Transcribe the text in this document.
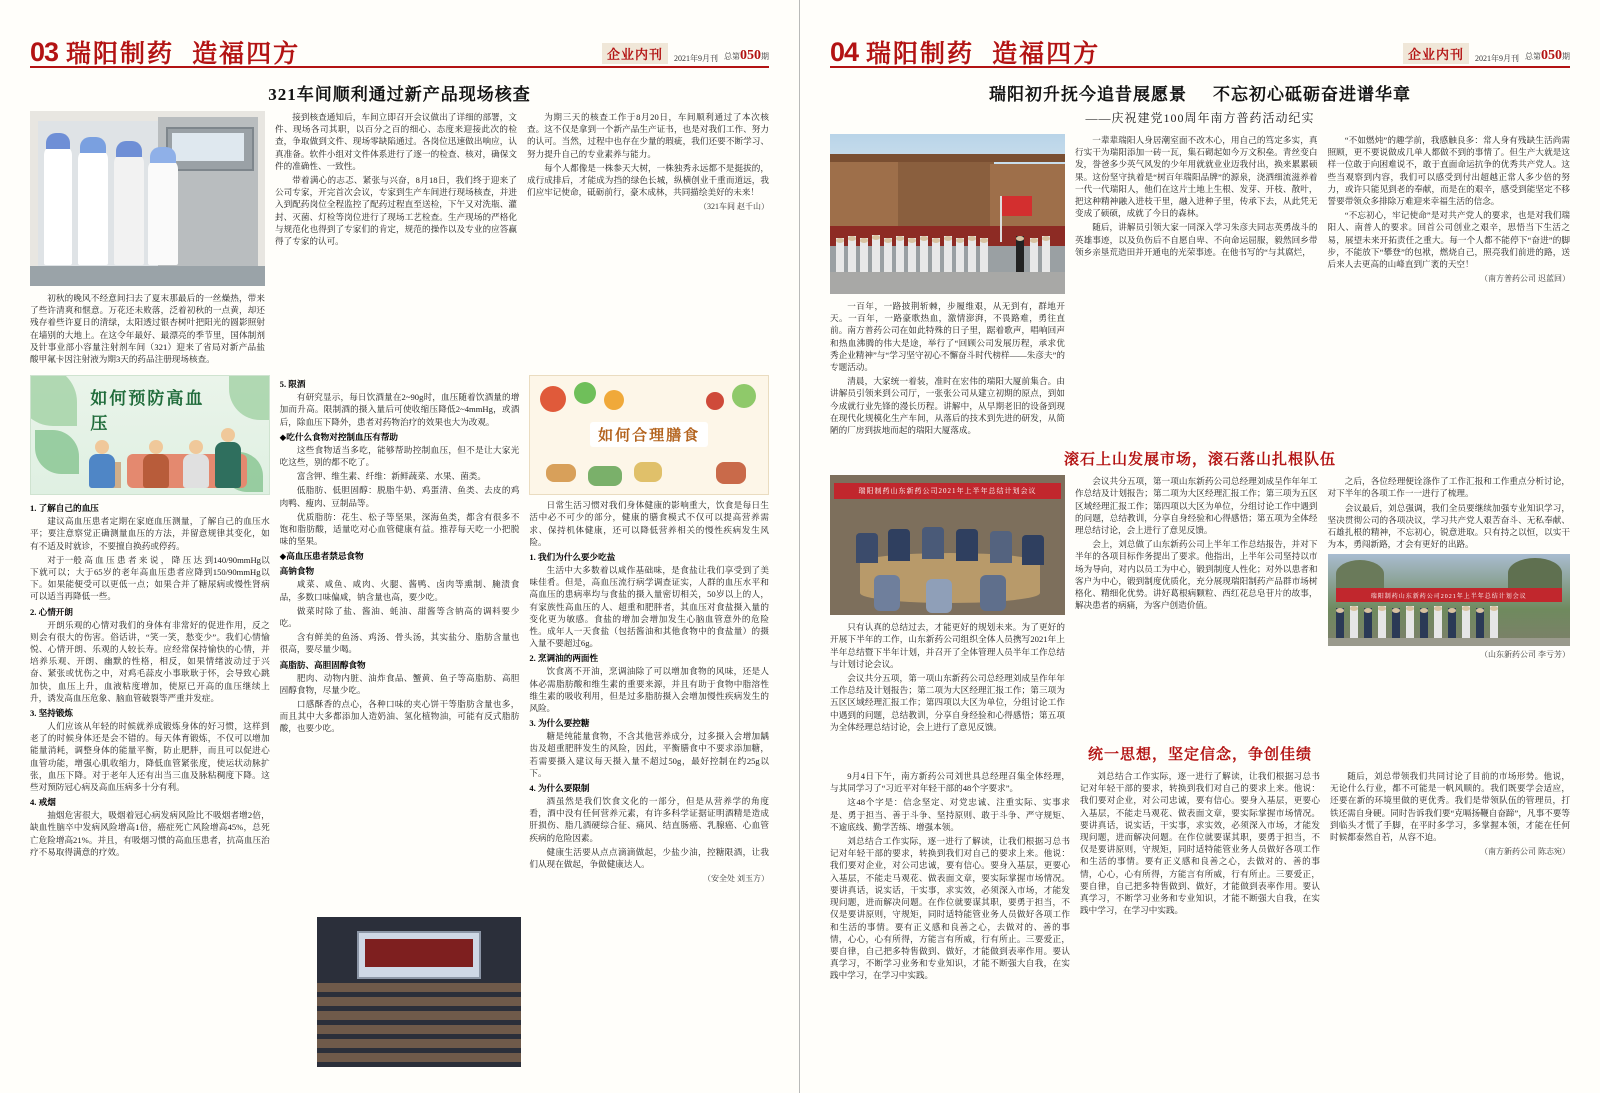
03 瑞阳制药 造福四方	企业内刊	2021年9月刊 总第050期
321车间顺利通过新产品现场核查

初秋的晚风不经意间扫去了夏末那最后的一丝燥热，带来了些许清爽和惬意。万花还未败落，泛着初秋的一点黄，却还残存着些许夏日的清绿，太阳透过银杏树叶把阳光的圆影照射在墙别的大地上。在这令年最好、最漂亮的季节里，国体制剂及针事业部小容量注射剂车间（321）迎来了省局对新产品盐酸甲氟卡因注射液为期3天的药品注册现场核查。

接到核查通知后，车间立即召开会议做出了详细的部署，文件、现场各司其职，以百分之百的细心、态度来迎接此次的检查，争取做到文件、现场零缺陷通过。各岗位迅速做出响应，认真准备。软件小组对文件体系进行了逐一的检查、核对，确保文件的准确性、一致性。

带着满心的志忑、紧张与兴奋，8月18日，我们终于迎来了公司专家，开完首次会议，专家到生产车间进行现场核查，并进入到配药岗位全程监控了配药过程直至送检，下午又对洗瓶、灌封、灭菌、灯检等岗位进行了现场工艺检查。生产现场的严格化与规范化也得到了专家们的肯定，规范的操作以及专业的应答赢得了专家的认可。

为期三天的核查工作于8月20日，车间顺利通过了本次核查。这不仅是拿到一个新产品生产证书，也是对我们工作、努力的认可。当然，过程中也存在少量的瑕疵，我们还要不断学习、努力提升自己的专业素养与能力。

每个人都像是一株参天大树，一株独秀永远都不是挺拔的，成行成排后，才能成为挡的绿色长城，纵横创业千重而道远，我们应牢记使命，砥砺前行，豪木成林，共同描绘美好的未来！

（321车间 赵千山）

如何预防高血压
1. 了解自己的血压

建议高血压患者定期在家庭血压测量，了解自己的血压水平；要注意察觉正确测量血压的方法，并留意规律其变化，如有不适及时就诊，不要擅自换药或停药。

对于一般 高 血 压 患 者 来 说 ， 降 压 达 到140/90mmHg以下就可以；大于65岁的老年高血压患者应降到150/90mmHg以下。如果能便受可以更低一点；如果合并了糖尿病或慢性肾病可以适当再降低一些。

2. 心情开朗

开朗乐观的心情对我们的身体有非常好的促进作用，反之则会有很大的伤害。俗话讲，“笑一笑，愁变少”。我们心情愉悦、心情开朗、乐观的人较长寿。应经常保持愉快的心情，并培养乐观、开朗、幽默的性格，相反，如果情绪波动过于兴奋、紧张或忧伤之中，对鸡毛蒜皮小事耿耿于怀，会导致心跳加快，血压上升，血液粘度增加，使原已开高的血压继续上升，诱发高血压危象、脑血管破裂等严重并发症。

3. 坚持锻炼

人们应该从年轻的时候就养成锻炼身体的好习惯，这样到老了的时候身体还是会不错的。每天体育锻炼，不仅可以增加能量消耗，调整身体的能量平衡，防止肥胖，而且可以促进心血管功能，增强心肌收缩力，降低血管紧张度，使运状动脉扩张，血压下降。对于老年人还有出当三血及脉粘稠度下降。这些对预防冠心病及高血压病多十分有利。

4. 戒烟

抽烟危害很大，吸烟着冠心病发病风险比不吸烟者增2倍，缺血性脑卒中发病风险增高1倍，癌症死亡风险增高45%，总死亡危险增高21%。并且，有吸烟习惯的高血压患者，抗高血压治疗不易取得满意的疗效。

5. 限酒

有研究显示，每日饮酒量在2~90g时，血压随着饮酒量的增加而升高。限制酒的摄入量后可使收缩压降低2~4mmHg，或酒后，除血压下降外，患者对药物治疗的效果也大为改观。

◆吃什么食物对控制血压有帮助

这些食物适当多吃，能够帮助控制血压，但不是让大家光吃这些，别的都不吃了。

富含钾、维生素、纤维：新鲜蔬菜、水果、菌类。

低脂肪、低胆固醇：脱脂牛奶、鸡蛋清、鱼类、去皮的鸡肉鸭、瘦肉、豆制品等。

优质脂肪：花生、松子等坚果，深海鱼类，都含有很多不饱和脂肪酸，适量吃对心血管健康有益。推荐每天吃一小把脱味的坚果。

◆高血压患者禁忌食物
高钠食物

咸菜、咸鱼、咸肉、火腿、酱鸭、卤肉等熏制、腌渍食品，多数口味偏咸，钠含量也高，要少吃。

做菜时除了盐、酱油、蚝油、甜酱等含钠高的调料要少吃。

含有鲜美的鱼汤、鸡汤、骨头汤，其实盐分、脂肪含量也很高，要尽量少喝。

高脂肪、高胆固醇食物

肥肉、动物内脏、油炸食品、蟹黄、鱼子等高脂肪、高胆固醇食物，尽量少吃。

口感酥香的点心，各种口味的夹心饼干等脂肪含量也多，而且其中大多都添加人造奶油、氢化植物油，可能有反式脂肪酸，也要少吃。

如何合理膳食

日常生活习惯对我们身体健康的影响重大，饮食是每日生活中必不可少的部分，健康的膳食模式不仅可以提高营养需求、保持机体健康，还可以降低营养相关的慢性疾病发生风险。

1. 我们为什么要少吃盐

生活中大多数着以咸作基础味，是食盐让我们享受到了美味佳肴。但是，高血压流行病学调查证实，人群的血压水平和高血压的患病率均与食盐的摄入量密切相关，50岁以上的人，有家族性高血压的人、超重和肥胖者，其血压对食盐摄入量的变化更为敏感。食盐的增加会增加发生心脑血管意外的危险性。成年人一天食盐（包括酱油和其他食物中的食盐量）的摄入量不要超过6g。

2. 烹调油的两面性

饮食离不开油，烹调油除了可以增加食物的风味，还是人体必需脂肪酸和维生素的重要来源，并且有助于食物中脂溶性维生素的吸收利用，但是过多脂肪摄入会增加慢性疾病发生的风险。

3. 为什么要控糖

糖是纯能量食物，不含其他营养成分，过多摄入会增加龋齿及超重肥胖发生的风险，因此，平衡膳食中不要求添加糖，若需要摄入建议每天摄入量不超过50g，最好控制在约25g以下。

4. 为什么要限制

酒虽然是我们饮食文化的一部分，但是从营养学的角度看，酒中没有任何营养元素，有许多科学证据证明酒精是造成肝损伤、脂几酒硬综合征、痛风、结直肠癌、乳腺癌、心血管疾病的危险因素。

健康生活要从点点滴滴做起，少盐少油，控糖限酒，让我们从现在做起，争做健康达人。

（安全处 刘玉方）

04 瑞阳制药 造福四方	企业内刊	2021年9月刊 总第050期
瑞阳初升抚今追昔展愿景 不忘初心砥砺奋进谱华章
——庆祝建党100周年南方普药活动纪实

一百年，一路披荆斩棘，步履维艰，从无到有，群地开天。一百年，一路豪歌热血，激情澎湃，不畏路难，勇往直前。南方普药公司在如此特殊的日子里，踞着歌声，唱响回声和热血沸腾的伟大是途，举行了“回顾公司发展历程，承求优秀企业精神”与“学习坚守初心不懈奋斗时代榜样——朱彦夫”的专题活动。

清晨，大家统一着装，准时在宏伟的瑞阳大厦前集合。由讲解员引领来到公司厅，一张张公司从建立初期的原点，到如今成就行业先锋的漫长历程。讲解中，从早期老旧的设备到现在现代化规模化生产车间，从落后的技术到先进的研发，从简陋的厂房到拔地而起的瑞阳大厦落成。

一辈辈瑞阳人身居潮室面不改木心，用自己的笃定多实，真行实干为瑞阳添加一砖一瓦，集石砌起如今万文积垒。青丝变白发，誉爸多少英气风发的少年用就就业业迈我付出，换来累累硕果。这份坚守执着是“树百年瑞阳品牌”的源泉，浇洒细流滋养着一代一代瑞阳人，他们在这片土地上生根、发芽、开枝、散叶，把这种精神融入进枝干里，融入进种子里，传承下去，从此凭无变成了硕硕，成就了今日的森林。

随后，讲解员引领大家一同深入学习朱彦夫同志英勇战斗的英雄事迹，以及负伤后不自愿自卑、不向命运屈服，毅然回乡带领乡亲垦荒造田并开通电的光荣事迹。在他书写的“与其腐烂，

“不如燃炖”的趣学前，我感触良多：常人身有残缺生活尚需照顾，更不要说做成几单人都做不到的事情了。但生产大就是这样一位敢于向困难说不，敢于直面命运抗争的优秀共产党人。这些当观察到内容，我们可以感受到付出超越正常人多少倍的努力，或许只能见到老的奉献，而是在的艰辛，感受到能坚定不移誓要带领众多排除万难迎来幸福生活的信念。

“不忘初心，牢记使命”是对共产党人的要求，也是对我们瑞阳人、南普人的要求。回首公司创业之艰辛，思悟当下生活之易，展望未来开拓责任之重大。每一个人都不能停下“奋进”的脚步，不能放下“攀登”的包袱，燃烧自己，照亮我们前进的路，送后来人去更高的山峰直到广袤的天空！

（南方普药公司 迟蓝回）

滚石上山发展市场，滚石落山扎根队伍
瑞阳制药山东新药公司2021年上半年总结计划会议

只有认真的总结过去，才能更好的规划未来。为了更好的开展下半年的工作，山东新药公司组织全体人员携写2021年上半年总结暨下半年计划，并召开了全体管理人员半年工作总结与计划讨论会议。

会议共分五项，第一项山东新药公司总经理刘成呈作年年工作总结及计划报告；第二项为大区经理汇报工作；第三项为五区区域经理汇报工作；第四项以大区为单位，分组讨论工作中遇到的问题，总结教训，分享自身经验和心得感悟；第五项为全体经理总结讨论，会上进行了意见反馈。

会议共分五项，第一项山东新药公司总经理刘成呈作年年工作总结及计划报告；第二项为大区经理汇报工作；第三项为五区区域经理汇报工作；第四项以大区为单位，分组讨论工作中遇到的问题，总结教训，分享自身经验和心得感悟；第五项为全体经理总结讨论，会上进行了意见反馈。

会上，刘总做了山东新药公司上半年工作总结报告，并对下半年的各项目标作务提出了要求。他指出，上半年公司坚持以市场为导向，对内以员工为中心，锻到制度人性化；对外以患者和客户为中心，锻到制度优质化，充分展现瑞阳制药产品群市场树格化、精细化优势。讲好葛根病颗粒、西红花总皂苷片的故事，解决患者的病痛，为客户创造价值。

之后，各位经理便诠涤作了工作汇报和工作重点分析讨论，对下半年的各项工作一一进行了梳理。

会议最后，刘总强调，我们全员要继续加强专业知识学习，坚决贯彻公司的各项决议，学习共产党人艰苦奋斗、无私奉献、石雄扎根的精神，不忘初心，锐意进取。只有持之以恒，以实干为本，勇闯新路，才会有更好的出路。

瑞阳制药山东新药公司2021年上半年总结计划会议

（山东新药公司 李亏芳）

统一思想，坚定信念，争创佳绩

9月4日下午，南方新药公司刘世具总经理召集全体经理，与其同学习了“习近平对年轻干部的48个字要求”。

这48个字是：信念坚定、对党忠诚、注重实际、实事求是、勇于担当、善于斗争、坚持原则、敢于斗争、严守规矩、不逾底线、勤学苦练、增强本领。

刘总结合工作实际，逐一进行了解读，让我们根据习总书记对年轻干部的要求，转换到我们对自己的要求上来。他说：我们要对企业，对公司忠诚，要有信心。要身入基层，更要心入基层，不能走马观花、做表面文章，要实际掌握市场情况。要讲真话，说实话，干实事，求实效，必须深入市场，才能发现问题，进而解决问题。在作位就要谋其职，要勇于担当，不仅是要讲原则，守规矩，同时适特能管业务人员做好各项工作和生活的事情。要有正义感和良善之心，去做对的、善的事情，心心，心有所得，方能言有所威，行有所止。三要爱正，要自律，自己把多特售做到、做好，才能做到表率作用。要认真学习，不断学习业务和专业知识，才能不断强大自我，在实践中学习，在学习中实践。

刘总结合工作实际，逐一进行了解读，让我们根据习总书记对年轻干部的要求，转换到我们对自己的要求上来。他说：我们要对企业，对公司忠诚，要有信心。要身入基层，更要心入基层，不能走马观花、做表面文章，要实际掌握市场情况。要讲真话，说实话，干实事，求实效，必须深入市场，才能发现问题，进而解决问题。在作位就要谋其职，要勇于担当，不仅是要讲原则，守规矩，同时适特能管业务人员做好各项工作和生活的事情。要有正义感和良善之心，去做对的、善的事情，心心，心有所得，方能言有所威，行有所止。三要爱正，要自律，自己把多特售做到、做好，才能做到表率作用。要认真学习，不断学习业务和专业知识，才能不断强大自我，在实践中学习，在学习中实践。

随后，刘总带领我们共同讨论了目前的市场形势。他说，无论什么行业，都不可能是一帆风顺的。我们既要学会适应，还要在新的环境里做的更优秀。我们是带领队伍的管理员，打铁还需自身硬。同时告诉我们要“克嗝扬鞭自奋蹄”，凡事不要等到临头才慌了手脚，在平时多学习，多掌握本领，才能在任何时候都泰然自若，从容不迫。

（南方新药公司 陈志宛）
